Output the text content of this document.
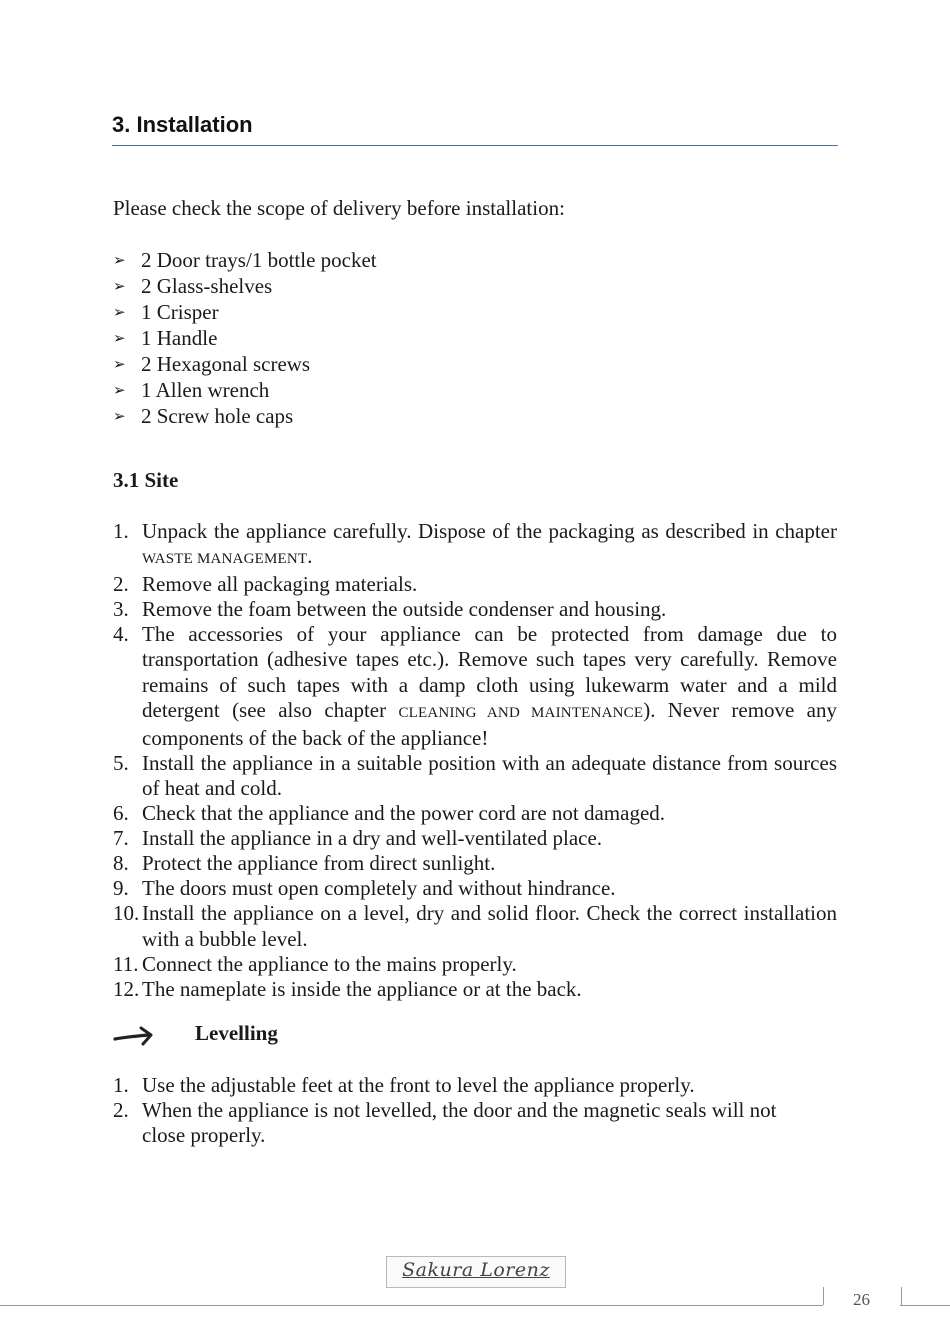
3. Installation
Please check the scope of delivery before installation:
➢ 2 Door trays/1 bottle pocket
➢ 2 Glass-shelves
➢ 1 Crisper
➢ 1 Handle
➢ 2 Hexagonal screws
➢ 1 Allen wrench
➢ 2 Screw hole caps
3.1 Site
1. Unpack the appliance carefully. Dispose of the packaging as described in chapter WASTE MANAGEMENT.
2. Remove all packaging materials.
3. Remove the foam between the outside condenser and housing.
4. The accessories of your appliance can be protected from damage due to transportation (adhesive tapes etc.). Remove such tapes very carefully. Remove remains of such tapes with a damp cloth using lukewarm water and a mild detergent (see also chapter CLEANING AND MAINTENANCE). Never remove any components of the back of the appliance!
5. Install the appliance in a suitable position with an adequate distance from sources of heat and cold.
6. Check that the appliance and the power cord are not damaged.
7. Install the appliance in a dry and well-ventilated place.
8. Protect the appliance from direct sunlight.
9. The doors must open completely and without hindrance.
10. Install the appliance on a level, dry and solid floor. Check the correct installation with a bubble level.
11. Connect the appliance to the mains properly.
12. The nameplate is inside the appliance or at the back.
Levelling
1. Use the adjustable feet at the front to level the appliance properly.
2. When the appliance is not levelled, the door and the magnetic seals will not close properly.
Sakura Lorenz
26
